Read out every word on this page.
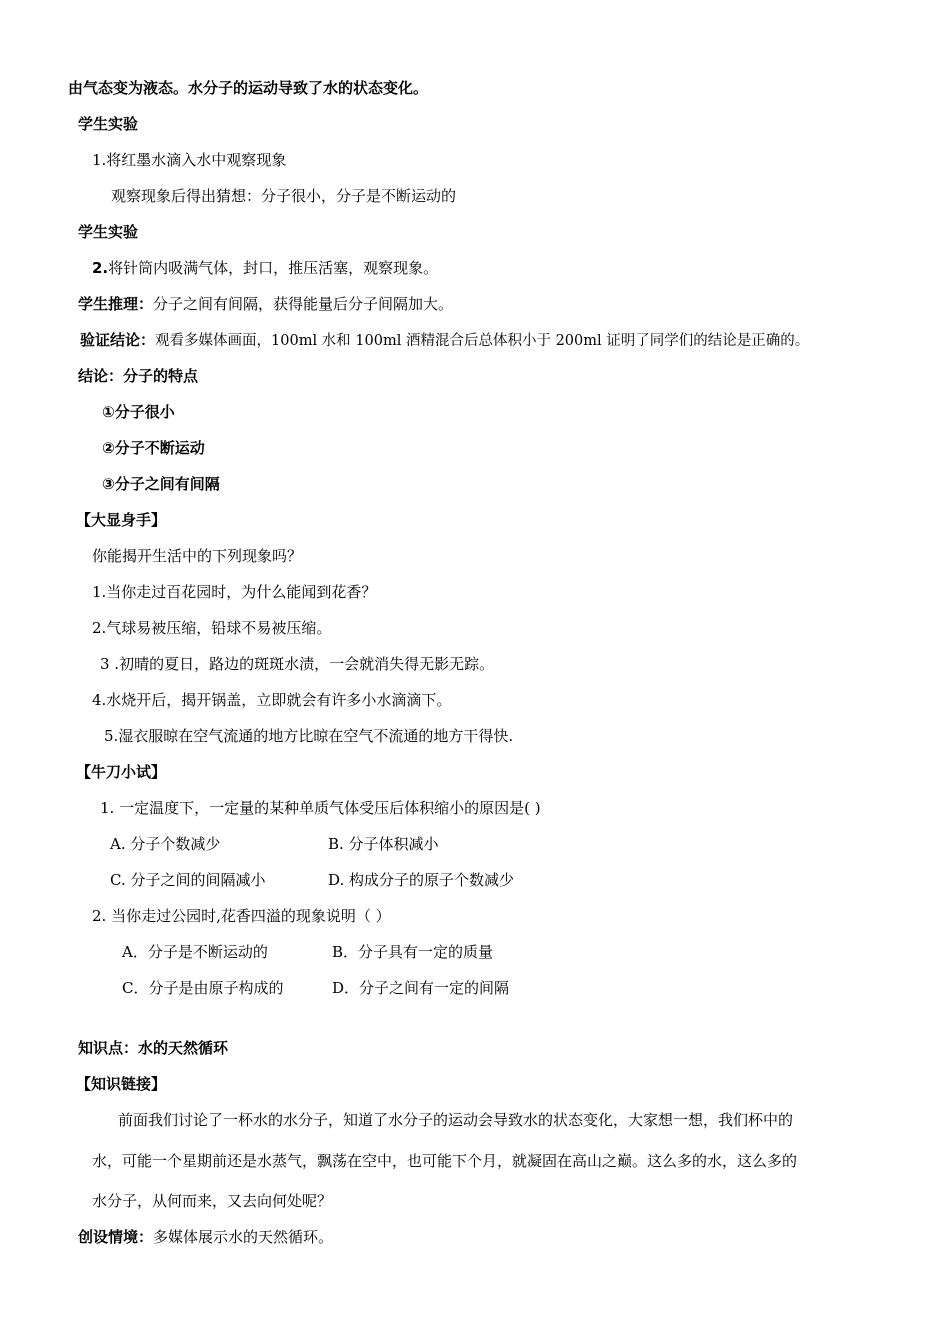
由气态变为液态。水分子的运动导致了水的状态变化。
学生实验
1.将红墨水滴入水中观察现象
观察现象后得出猜想：分子很小，分子是不断运动的
学生实验
2.将针筒内吸满气体，封口，推压活塞，观察现象。
学生推理：分子之间有间隔，获得能量后分子间隔加大。
验证结论：观看多媒体画面，100ml 水和 100ml 酒精混合后总体积小于 200ml 证明了同学们的结论是正确的。
结论：分子的特点
①分子很小
②分子不断运动
③分子之间有间隔
【大显身手】
你能揭开生活中的下列现象吗？
1.当你走过百花园时，为什么能闻到花香？
2.气球易被压缩，铅球不易被压缩。
3 .初晴的夏日，路边的斑斑水渍，一会就消失得无影无踪。
4.水烧开后，揭开锅盖，立即就会有许多小水滴滴下。
5.湿衣服晾在空气流通的地方比晾在空气不流通的地方干得快.
【牛刀小试】
1. 一定温度下，一定量的某种单质气体受压后体积缩小的原因是( )
A. 分子个数减少	B. 分子体积减小
C. 分子之间的间隔减小	D. 构成分子的原子个数减少
2. 当你走过公园时,花香四溢的现象说明（ ）
A．分子是不断运动的	B．分子具有一定的质量
C．分子是由原子构成的	D．分子之间有一定的间隔
知识点：水的天然循环
【知识链接】
前面我们讨论了一杯水的水分子，知道了水分子的运动会导致水的状态变化，大家想一想，我们杯中的
水，可能一个星期前还是水蒸气，飘荡在空中，也可能下个月，就凝固在高山之巅。这么多的水，这么多的
水分子，从何而来，又去向何处呢？
创设情境：多媒体展示水的天然循环。
